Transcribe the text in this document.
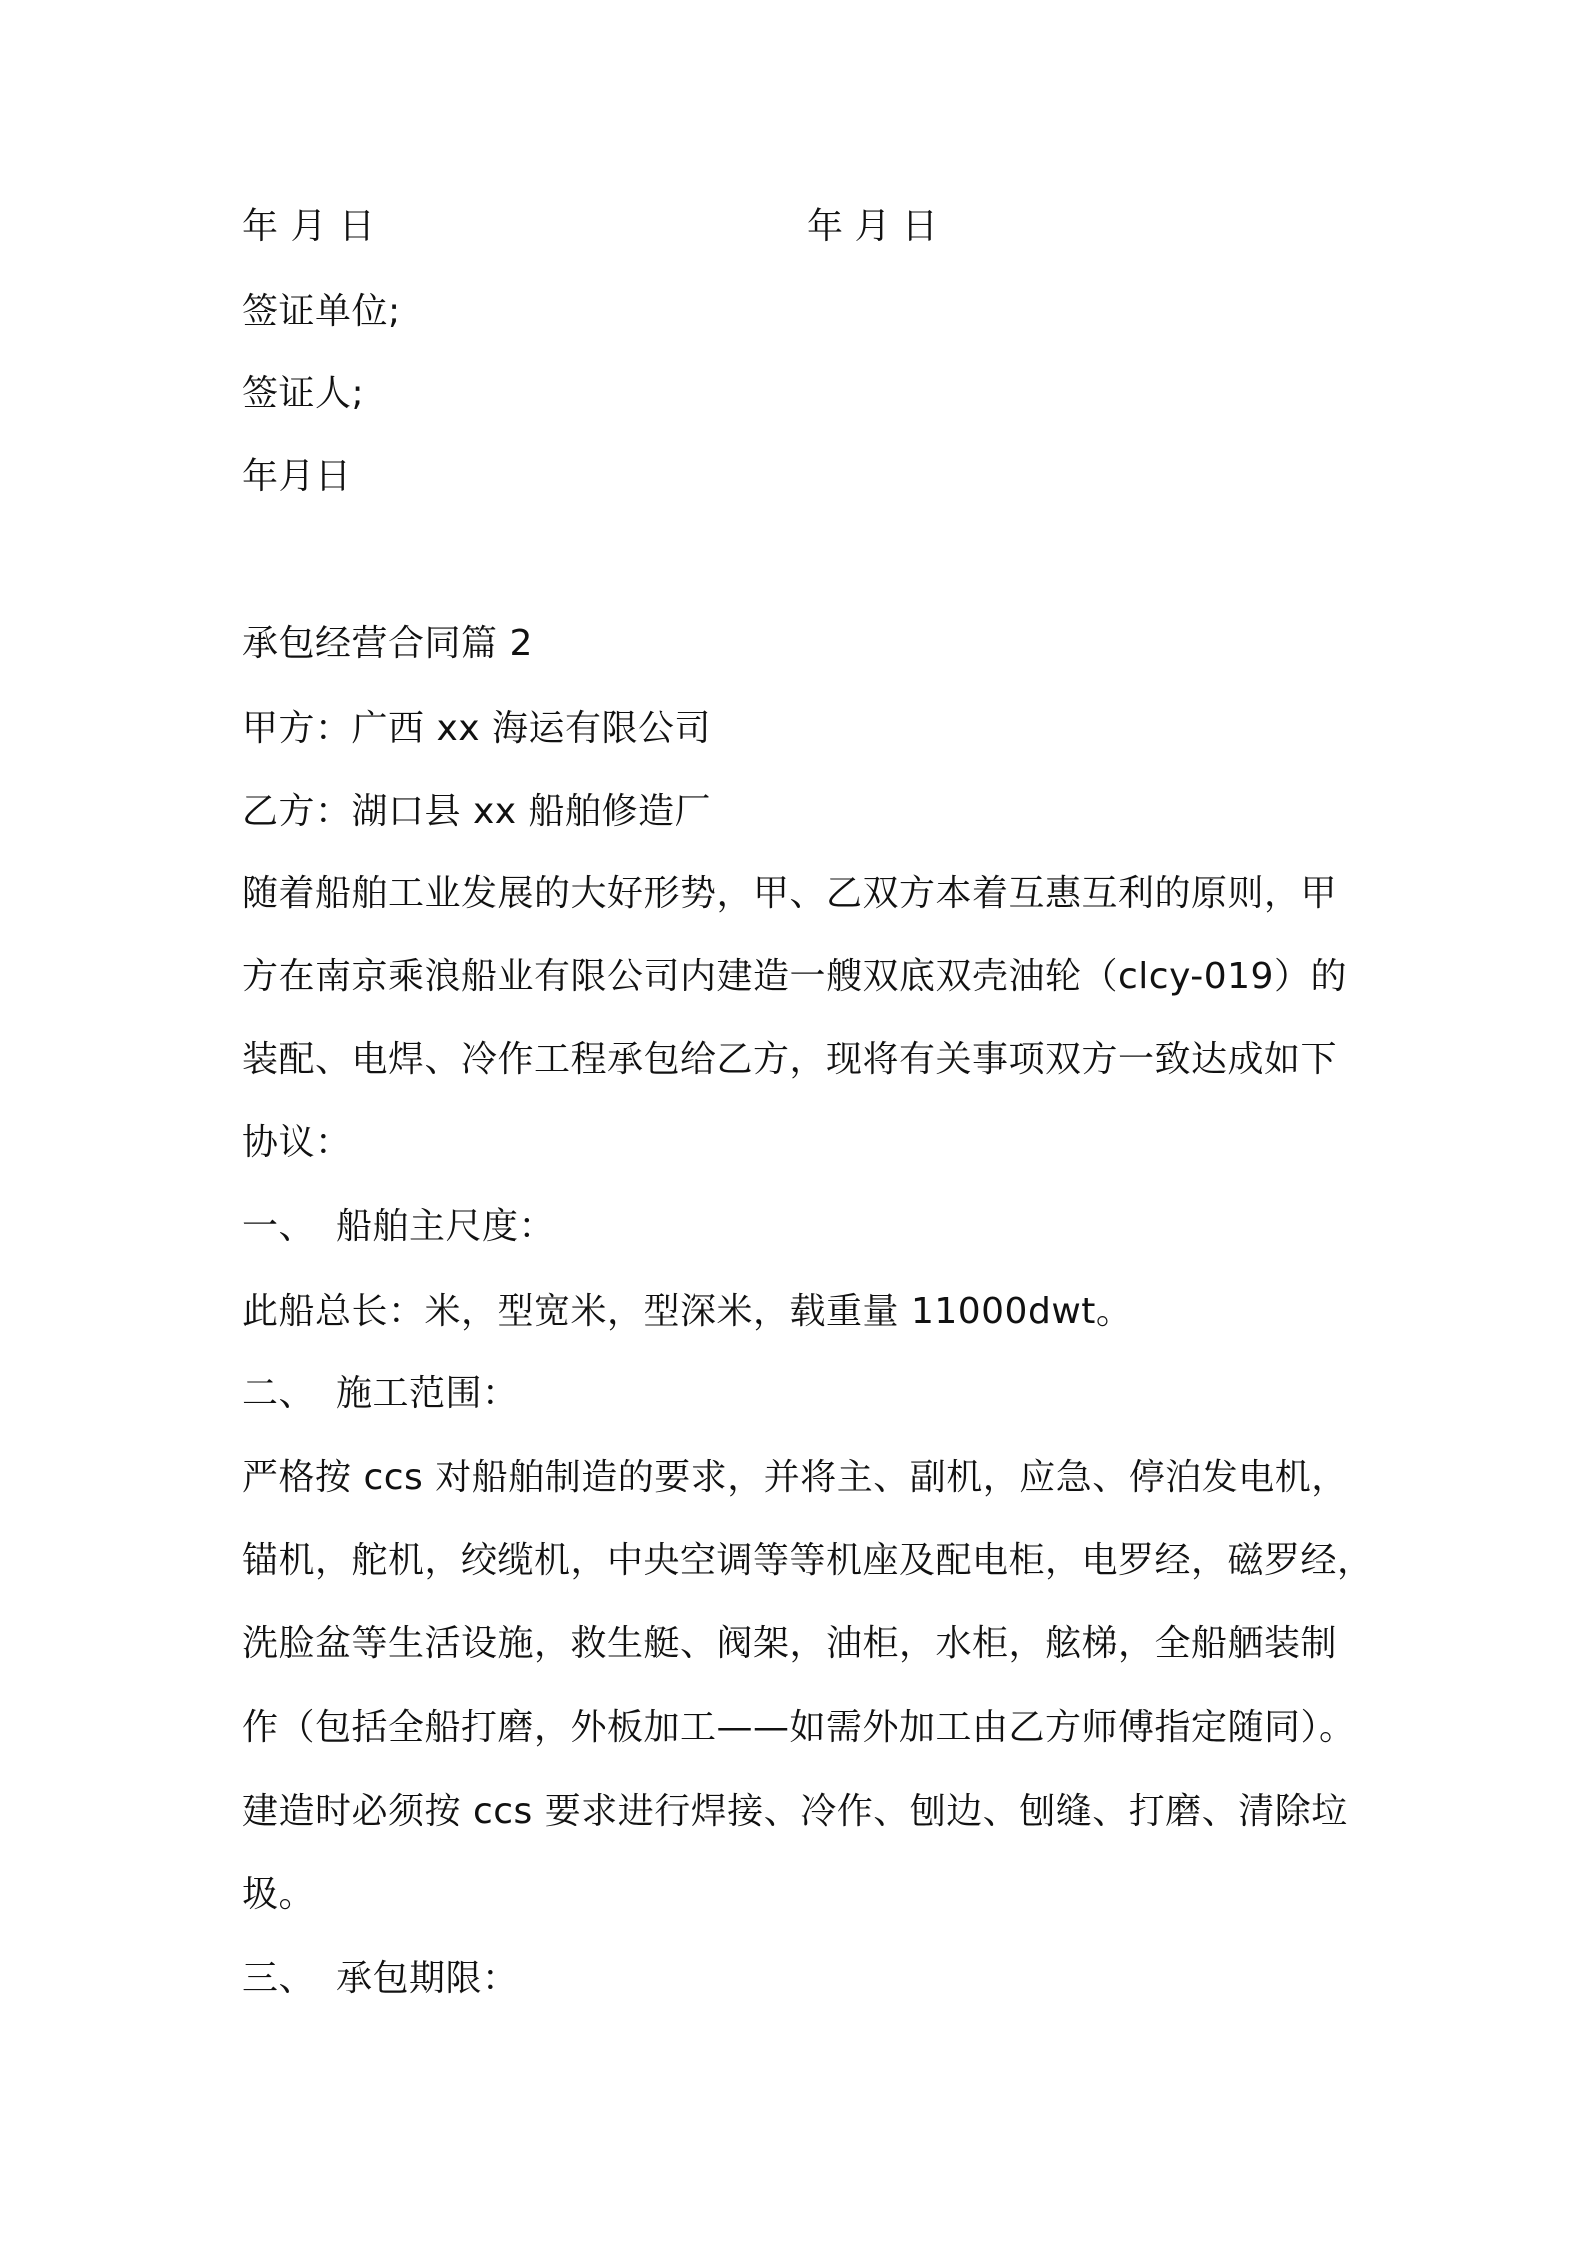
年 月 日	年 月 日
签证单位;
签证人;
年月日
承包经营合同篇 2
甲方：广西 xx 海运有限公司
乙方：湖口县 xx 船舶修造厂
随着船舶工业发展的大好形势，甲、乙双方本着互惠互利的原则，甲
方在南京乘浪船业有限公司内建造一艘双底双壳油轮（clcy-019）的
装配、电焊、冷作工程承包给乙方，现将有关事项双方一致达成如下
协议：
一、 船舶主尺度：
此船总长：米，型宽米，型深米，载重量 11000dwt。
二、 施工范围：
严格按 ccs 对船舶制造的要求，并将主、副机，应急、停泊发电机，
锚机，舵机，绞缆机，中央空调等等机座及配电柜，电罗经，磁罗经，
洗脸盆等生活设施，救生艇、阀架，油柜，水柜，舷梯，全船舾装制
作（包括全船打磨，外板加工——如需外加工由乙方师傅指定随同）。
建造时必须按 ccs 要求进行焊接、冷作、刨边、刨缝、打磨、清除垃
圾。
三、 承包期限：
